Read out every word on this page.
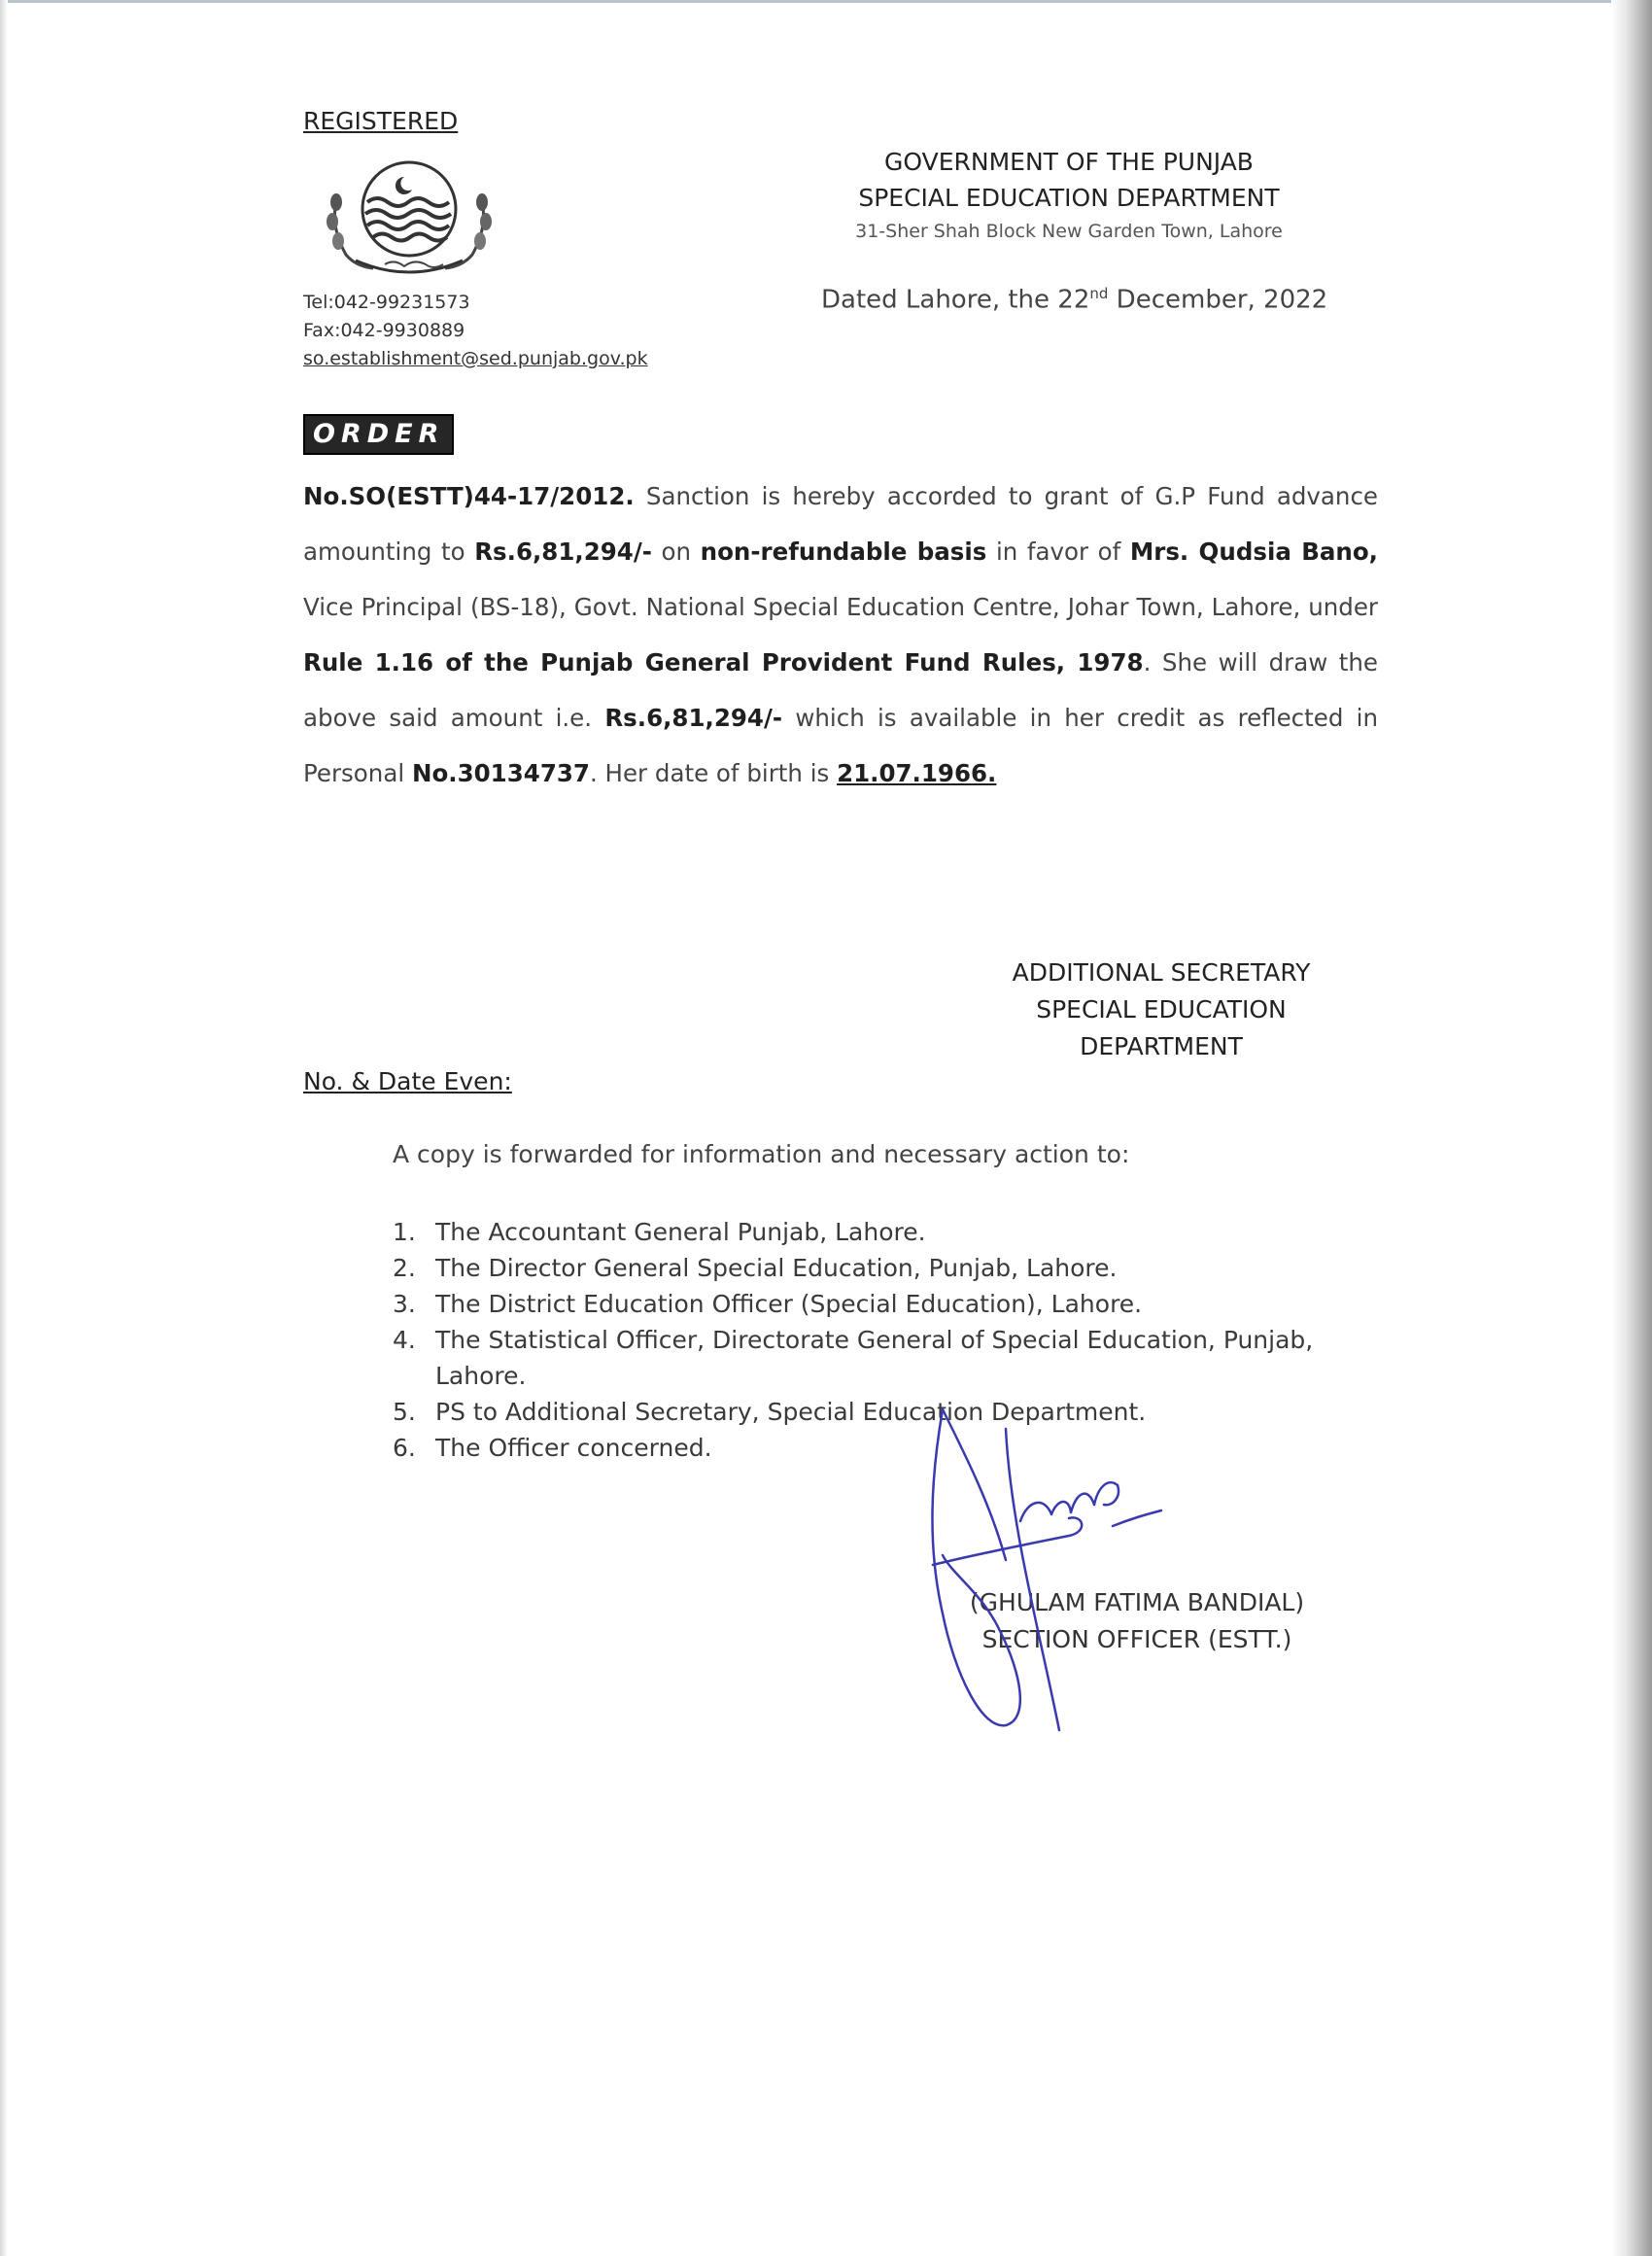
REGISTERED
Tel:042-99231573
Fax:042-9930889
so.establishment@sed.punjab.gov.pk
GOVERNMENT OF THE PUNJAB
SPECIAL EDUCATION DEPARTMENT
31-Sher Shah Block New Garden Town, Lahore
Dated Lahore, the 22nd December, 2022
ORDER
No.SO(ESTT)44-17/2012. Sanction is hereby accorded to grant of G.P Fund advance amounting to Rs.6,81,294/- on non-refundable basis in favor of Mrs. Qudsia Bano, Vice Principal (BS-18), Govt. National Special Education Centre, Johar Town, Lahore, under Rule 1.16 of the Punjab General Provident Fund Rules, 1978. She will draw the above said amount i.e. Rs.6,81,294/- which is available in her credit as reflected in Personal No.30134737. Her date of birth is 21.07.1966.
ADDITIONAL SECRETARY
SPECIAL EDUCATION
DEPARTMENT
No. & Date Even:
A copy is forwarded for information and necessary action to:
1. The Accountant General Punjab, Lahore.
2. The Director General Special Education, Punjab, Lahore.
3. The District Education Officer (Special Education), Lahore.
4. The Statistical Officer, Directorate General of Special Education, Punjab, Lahore.
5. PS to Additional Secretary, Special Education Department.
6. The Officer concerned.
(GHULAM FATIMA BANDIAL)
SECTION OFFICER (ESTT.)
